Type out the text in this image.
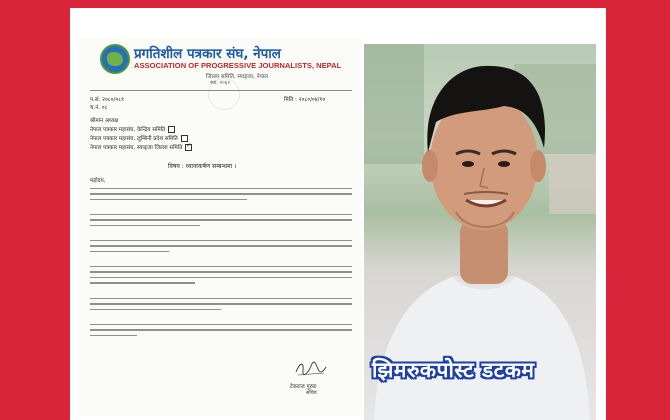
प्रगतिशील पत्रकार संघ, नेपाल
ASSOCIATION OF PROGRESSIVE JOURNALISTS, NEPAL
जिल्ला समिति, स्याङ्जा, नेपाल
स्था. २०६१
प.सं. २०८०/०८१
च.नं. ०८
मिति : २०८०/०४/१०
श्रीमान अध्यक्ष
नेपाल पत्रकार महासंघ, केन्द्रिय समिति
नेपाल पत्रकार महासंघ, लुम्बिनी प्रदेश समिति
नेपाल पत्रकार महासंघ, स्याङ्जा जिल्ला समिति✓
विषय : ध्यानाकर्षण सम्बन्धमा ।
महोदय,
टेकराज गुरुङ
सचिव
झिमरुकपोस्ट डटकम
